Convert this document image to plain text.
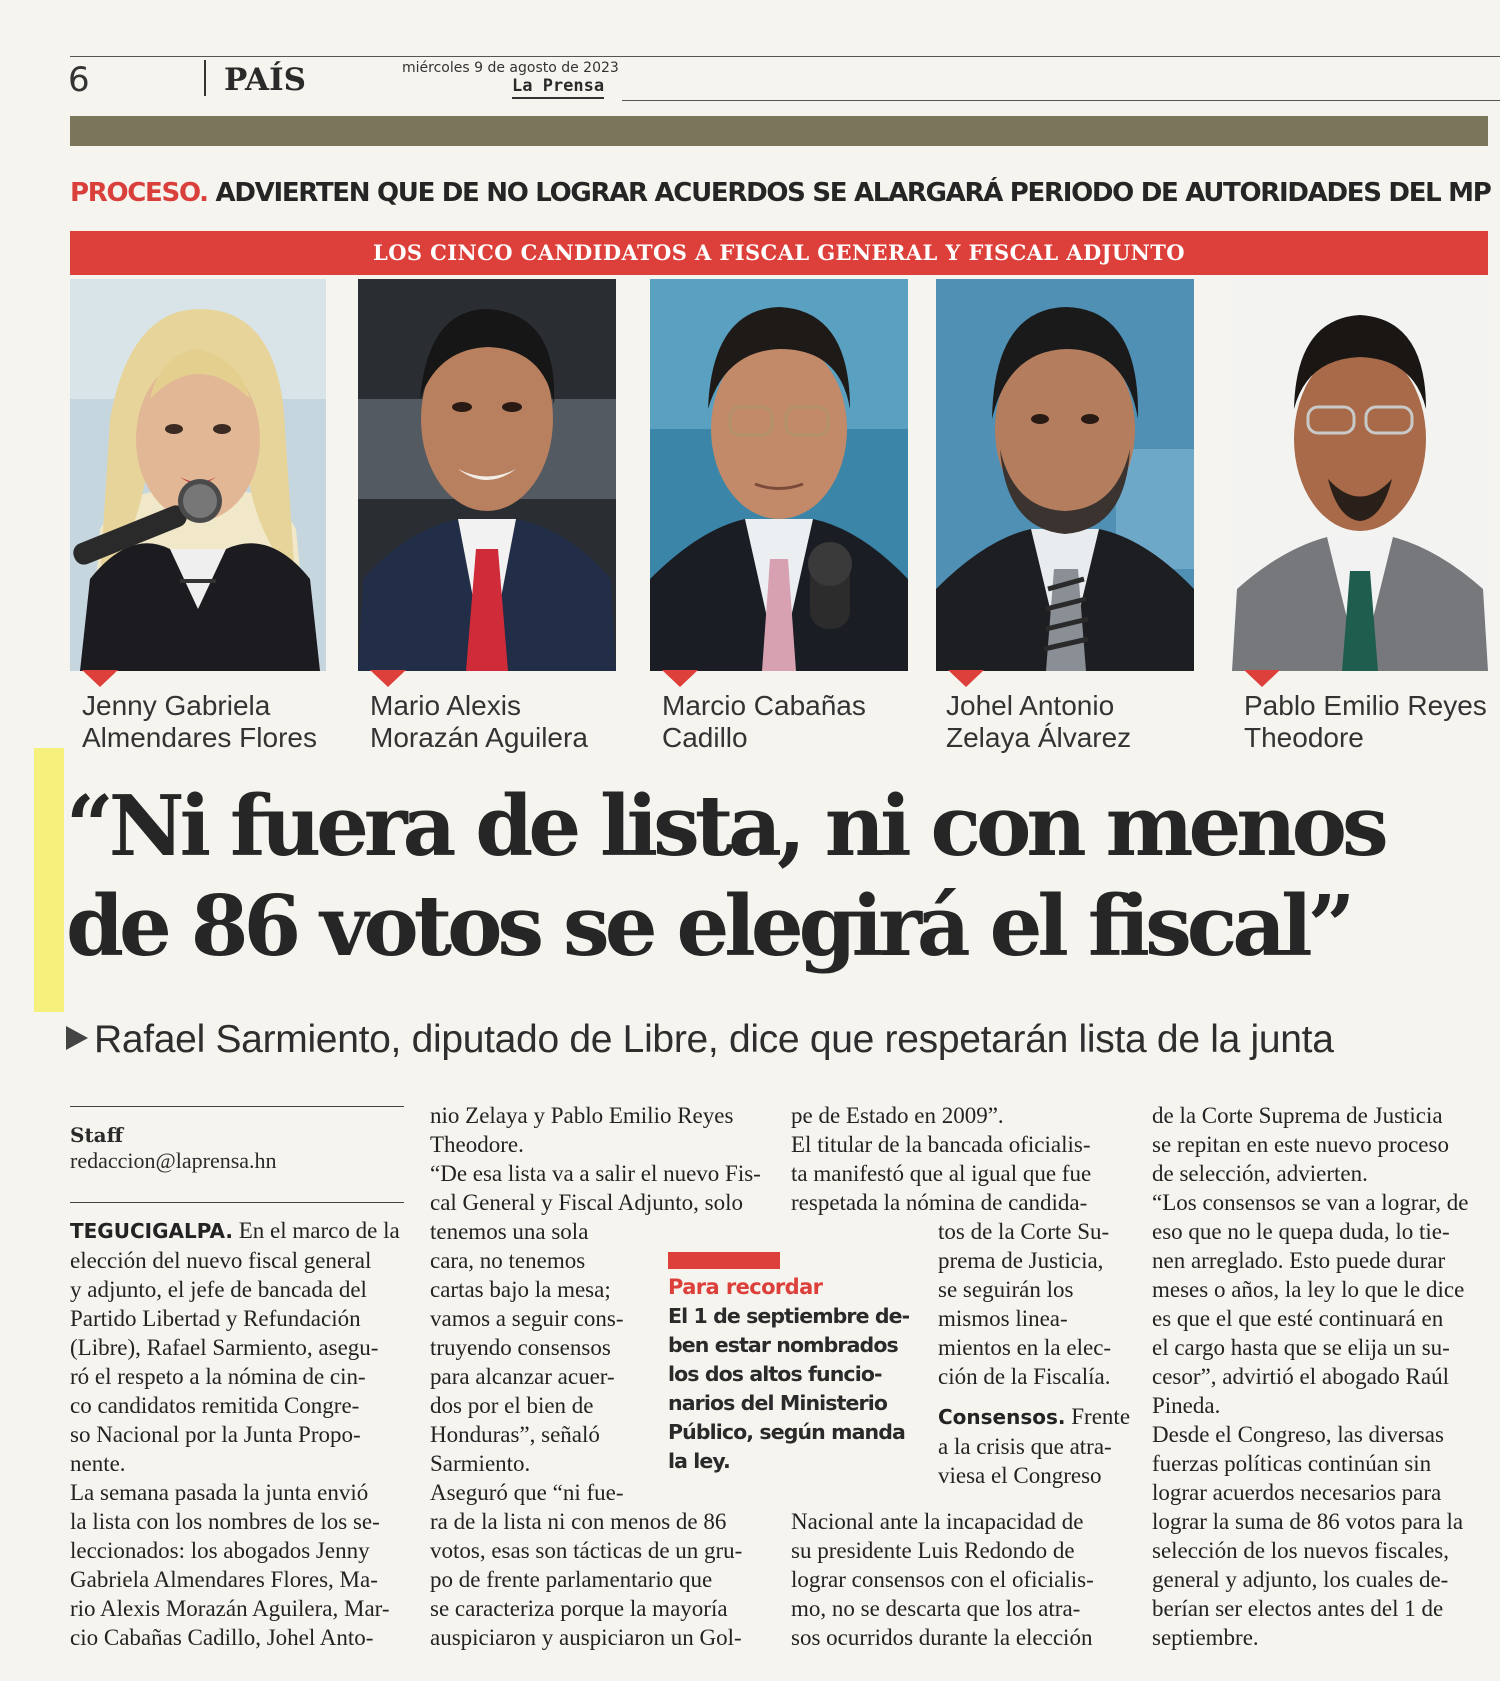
6	PAÍS	miércoles 9 de agosto de 2023
La Prensa
PROCESO. ADVIERTEN QUE DE NO LOGRAR ACUERDOS SE ALARGARÁ PERIODO DE AUTORIDADES DEL MP
LOS CINCO CANDIDATOS A FISCAL GENERAL Y FISCAL ADJUNTO
Jenny Gabriela
Almendares Flores
Mario Alexis
Morazán Aguilera
Marcio Cabañas
Cadillo
Johel Antonio
Zelaya Álvarez
Pablo Emilio Reyes
Theodore
“Ni fuera de lista, ni con menos
de 86 votos se elegirá el fiscal”
Rafael Sarmiento, diputado de Libre, dice que respetarán lista de la junta
Staff
redaccion@laprensa.hn
TEGUCIGALPA. En el marco de la
elección del nuevo fiscal general
y adjunto, el jefe de bancada del
Partido Libertad y Refundación
(Libre), Rafael Sarmiento, asegu-
ró el respeto a la nómina de cin-
co candidatos remitida Congre-
so Nacional por la Junta Propo-
nente.
La semana pasada la junta envió
la lista con los nombres de los se-
leccionados: los abogados Jenny
Gabriela Almendares Flores, Ma-
rio Alexis Morazán Aguilera, Mar-
cio Cabañas Cadillo, Johel Anto-
nio Zelaya y Pablo Emilio Reyes
Theodore.
“De esa lista va a salir el nuevo Fis-
cal General y Fiscal Adjunto, solo
tenemos una sola
cara, no tenemos
cartas bajo la mesa;
vamos a seguir cons-
truyendo consensos
para alcanzar acuer-
dos por el bien de
Honduras”, señaló
Sarmiento.
Aseguró que “ni fue-
ra de la lista ni con menos de 86
votos, esas son tácticas de un gru-
po de frente parlamentario que
se caracteriza porque la mayoría
auspiciaron y auspiciaron un Gol-
Para recordar
El 1 de septiembre de-
ben estar nombrados
los dos altos funcio-
narios del Ministerio
Público, según manda
la ley.
pe de Estado en 2009”.
El titular de la bancada oficialis-
ta manifestó que al igual que fue
respetada la nómina de candida-
tos de la Corte Su-
prema de Justicia,
se seguirán los
mismos linea-
mientos en la elec-
ción de la Fiscalía.
Consensos. Frente
a la crisis que atra-
viesa el Congreso
Nacional ante la incapacidad de
su presidente Luis Redondo de
lograr consensos con el oficialis-
mo, no se descarta que los atra-
sos ocurridos durante la elección
de la Corte Suprema de Justicia
se repitan en este nuevo proceso
de selección, advierten.
“Los consensos se van a lograr, de
eso que no le quepa duda, lo tie-
nen arreglado. Esto puede durar
meses o años, la ley lo que le dice
es que el que esté continuará en
el cargo hasta que se elija un su-
cesor”, advirtió el abogado Raúl
Pineda.
Desde el Congreso, las diversas
fuerzas políticas continúan sin
lograr acuerdos necesarios para
lograr la suma de 86 votos para la
selección de los nuevos fiscales,
general y adjunto, los cuales de-
berían ser electos antes del 1 de
septiembre.
